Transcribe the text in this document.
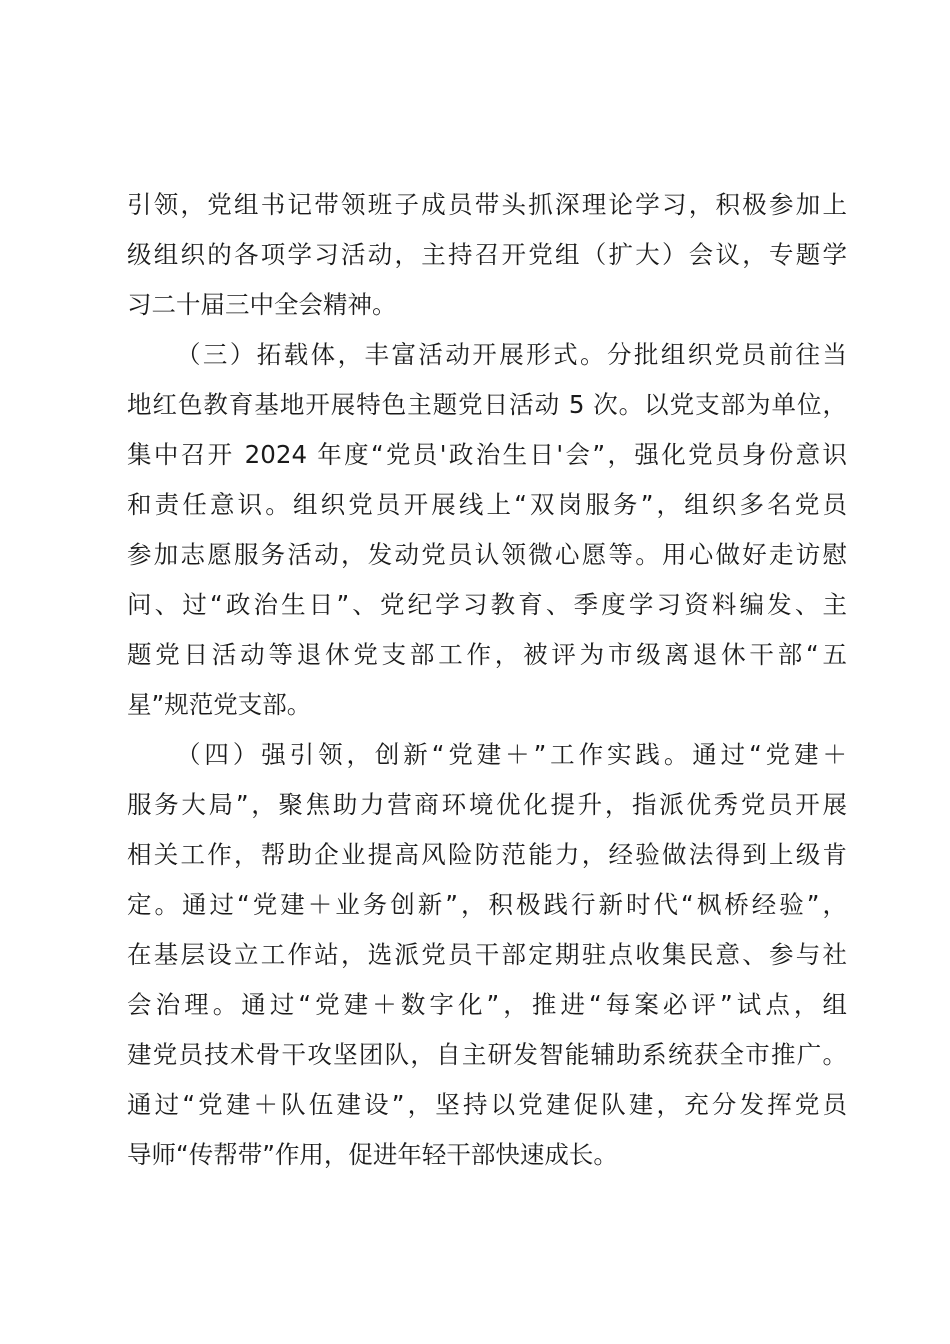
引领，党组书记带领班子成员带头抓深理论学习，积极参加上

级组织的各项学习活动，主持召开党组（扩大）会议，专题学

习二十届三中全会精神。

（三）拓载体，丰富活动开展形式。分批组织党员前往当

地红色教育基地开展特色主题党日活动 5 次。以党支部为单位，

集中召开 2024 年度“党员'政治生日'会”，强化党员身份意识

和责任意识。组织党员开展线上“双岗服务”，组织多名党员

参加志愿服务活动，发动党员认领微心愿等。用心做好走访慰

问、过“政治生日”、党纪学习教育、季度学习资料编发、主

题党日活动等退休党支部工作，被评为市级离退休干部“五

星”规范党支部。

（四）强引领，创新“党建＋”工作实践。通过“党建＋

服务大局”，聚焦助力营商环境优化提升，指派优秀党员开展

相关工作，帮助企业提高风险防范能力，经验做法得到上级肯

定。通过“党建＋业务创新”，积极践行新时代“枫桥经验”，

在基层设立工作站，选派党员干部定期驻点收集民意、参与社

会治理。通过“党建＋数字化”，推进“每案必评”试点，组

建党员技术骨干攻坚团队，自主研发智能辅助系统获全市推广。

通过“党建＋队伍建设”，坚持以党建促队建，充分发挥党员

导师“传帮带”作用，促进年轻干部快速成长。
